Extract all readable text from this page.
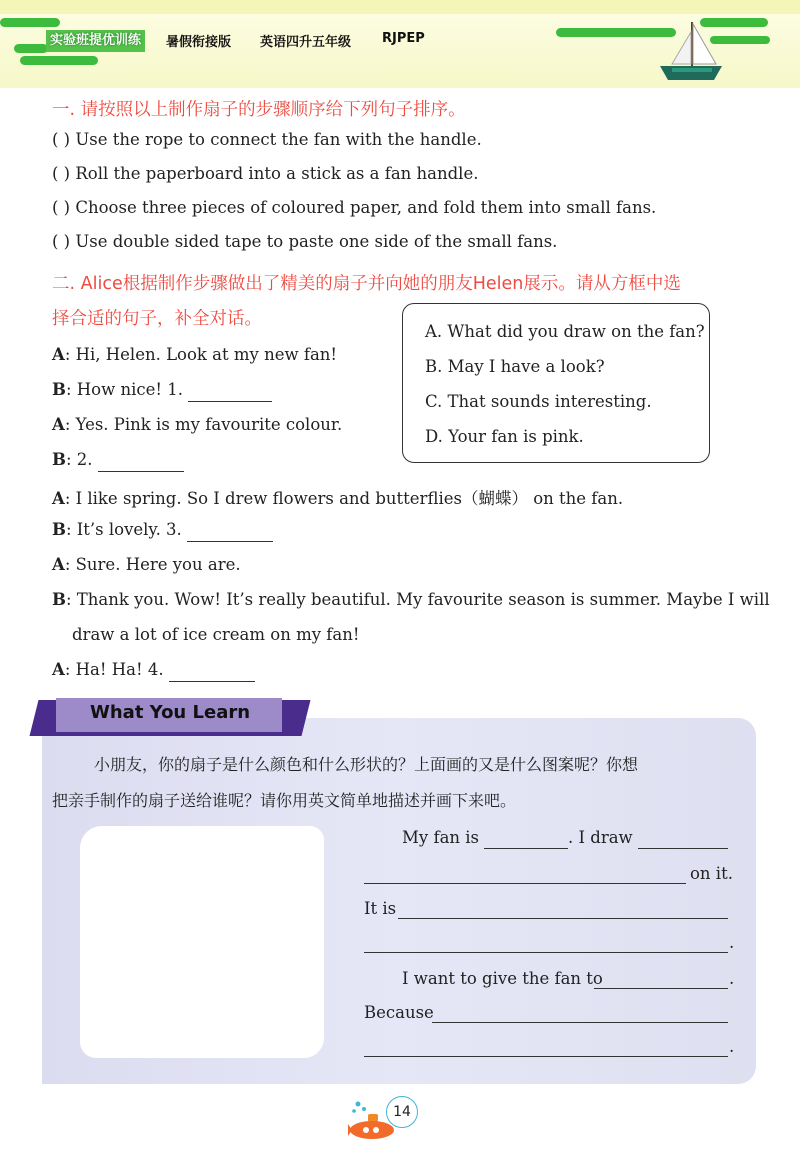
实验班提优训练	暑假衔接版 英语四升五年级 RJPEP
一. 请按照以上制作扇子的步骤顺序给下列句子排序。
( ) Use the rope to connect the fan with the handle.
( ) Roll the paperboard into a stick as a fan handle.
( ) Choose three pieces of coloured paper, and fold them into small fans.
( ) Use double sided tape to paste one side of the small fans.
二. Alice根据制作步骤做出了精美的扇子并向她的朋友Helen展示。请从方框中选
择合适的句子，补全对话。
A. What did you draw on the fan?
B. May I have a look?
C. That sounds interesting.
D. Your fan is pink.
A: Hi, Helen. Look at my new fan!
B: How nice! 1.
A: Yes. Pink is my favourite colour.
B: 2.
A: I like spring. So I drew flowers and butterflies（蝴蝶） on the fan.
B: It’s lovely. 3.
A: Sure. Here you are.
B: Thank you. Wow! It’s really beautiful. My favourite season is summer. Maybe I will
draw a lot of ice cream on my fan!
A: Ha! Ha! 4.
What You Learn
小朋友，你的扇子是什么颜色和什么形状的？上面画的又是什么图案呢？你想
把亲手制作的扇子送给谁呢？请你用英文简单地描述并画下来吧。
My fan is	. I draw
on it.
It is
.
I want to give the fan to	.
Because
.
14
